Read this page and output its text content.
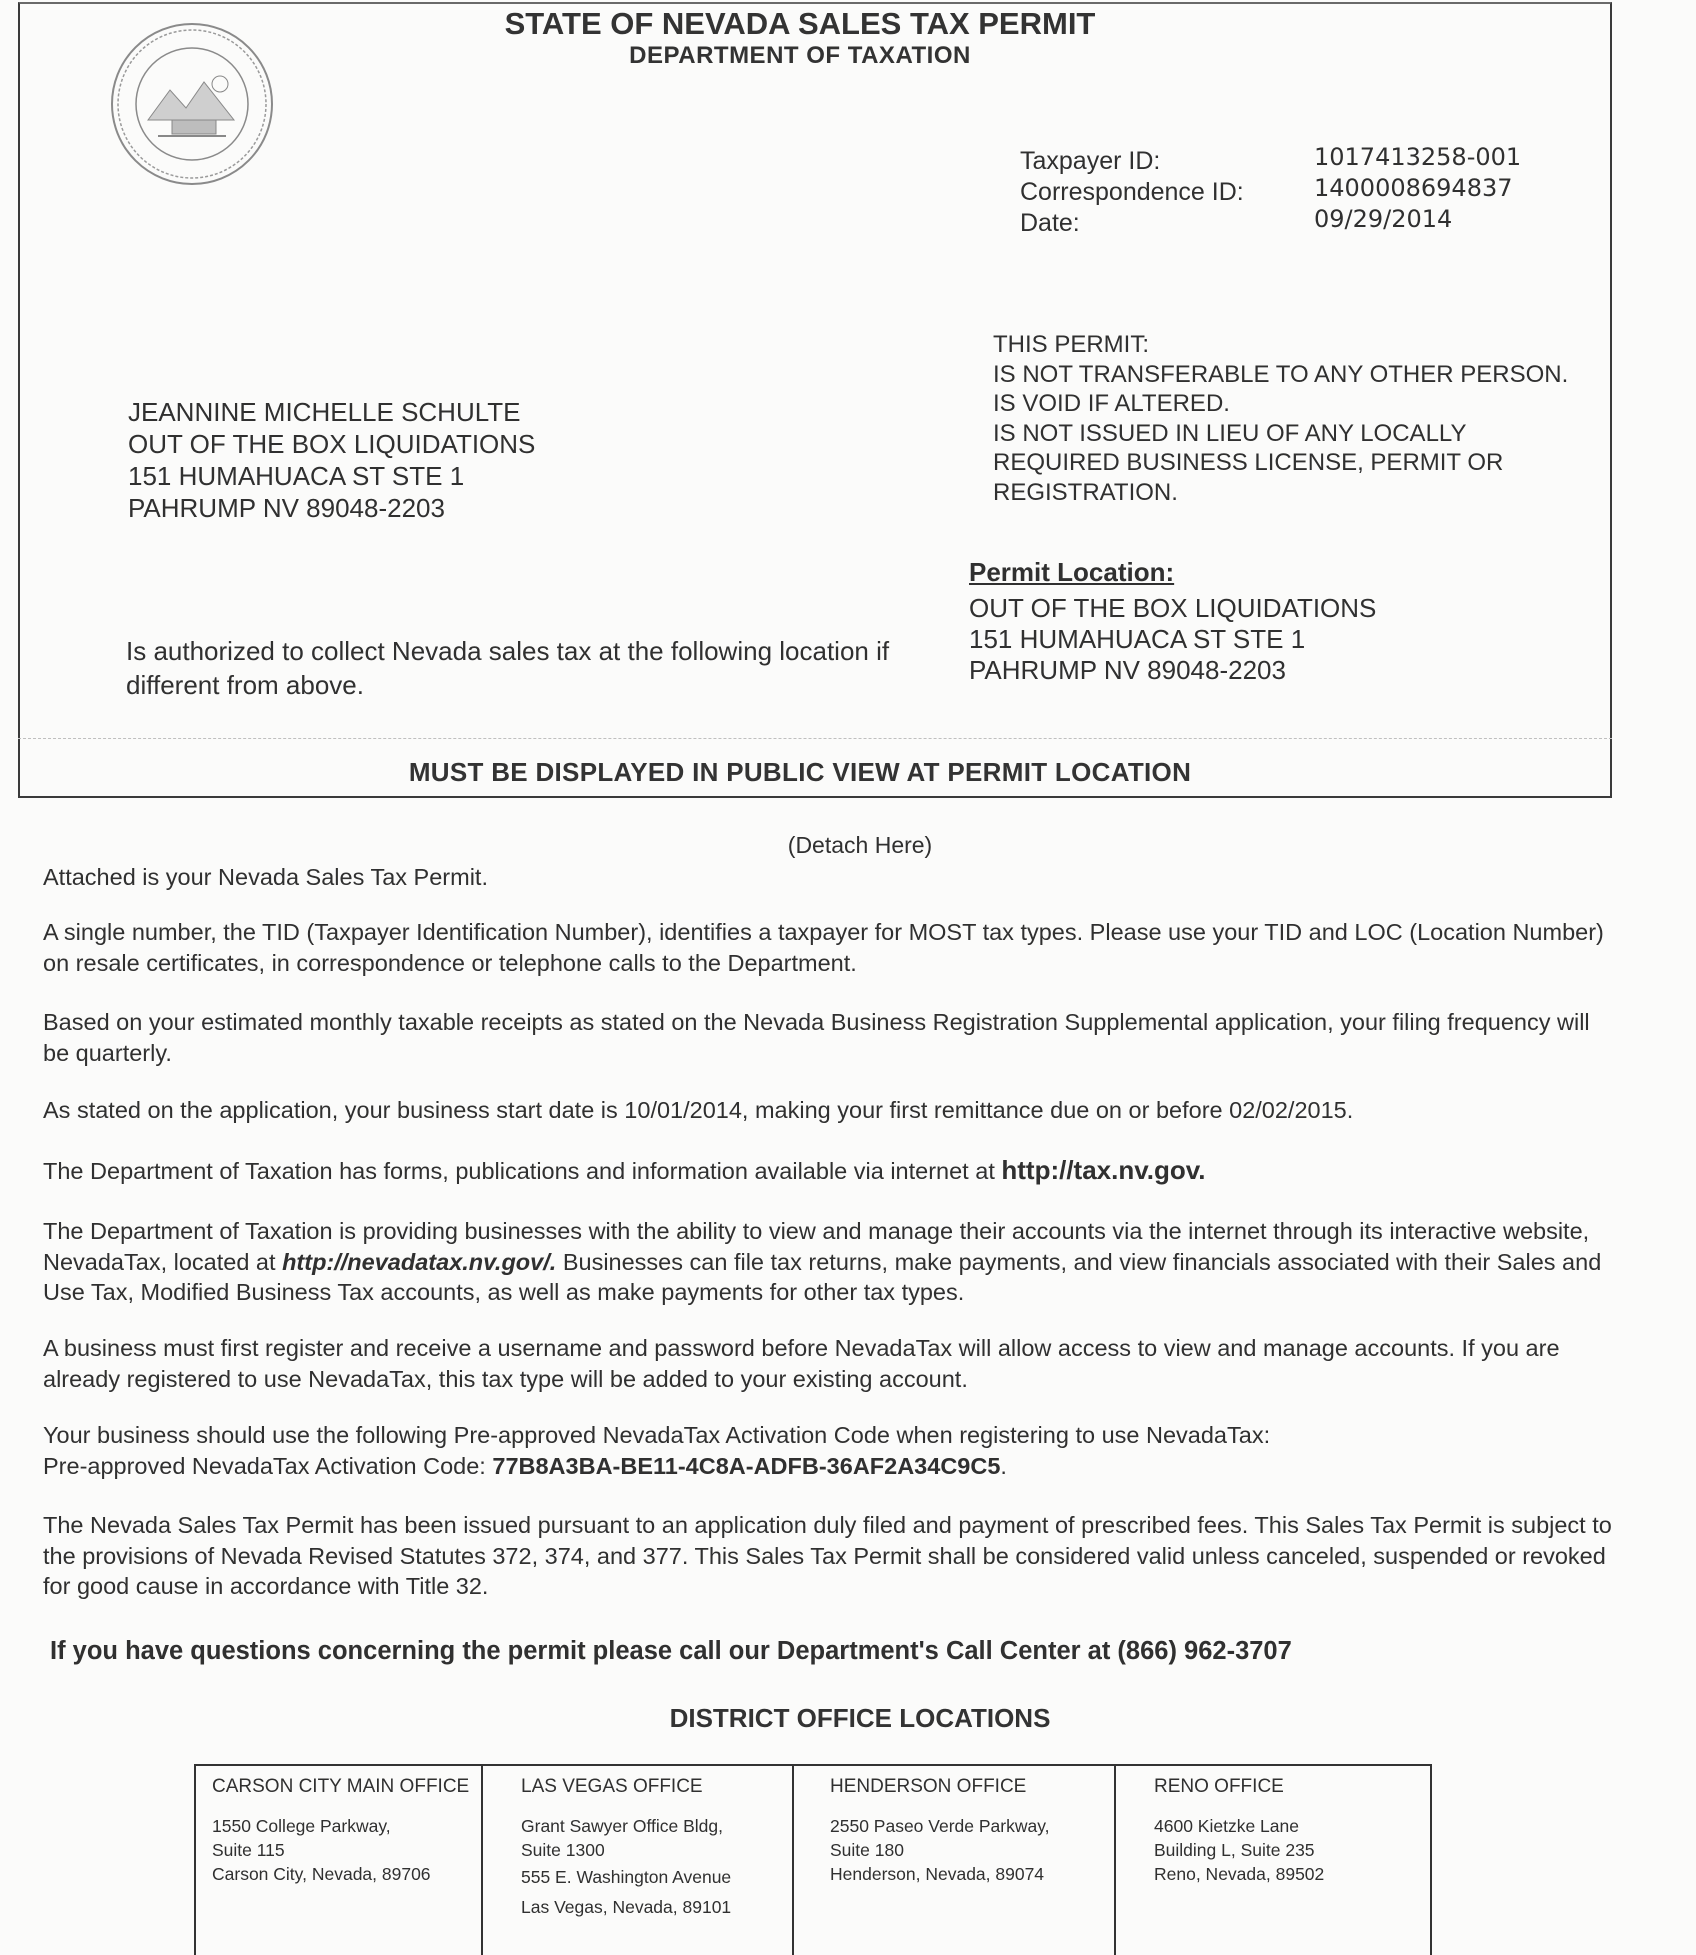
STATE OF NEVADA SALES TAX PERMIT
DEPARTMENT OF TAXATION
Taxpayer ID:
Correspondence ID:
Date:
1017413258-001
1400008694837
09/29/2014
THIS PERMIT:
IS NOT TRANSFERABLE TO ANY OTHER PERSON.
IS VOID IF ALTERED.
IS NOT ISSUED IN LIEU OF ANY LOCALLY
REQUIRED BUSINESS LICENSE, PERMIT OR
REGISTRATION.
JEANNINE MICHELLE SCHULTE
OUT OF THE BOX LIQUIDATIONS
151 HUMAHUACA ST STE 1
PAHRUMP NV 89048-2203
Permit Location:
OUT OF THE BOX LIQUIDATIONS
151 HUMAHUACA ST STE 1
PAHRUMP NV 89048-2203
Is authorized to collect Nevada sales tax at the following location if different from above.
MUST BE DISPLAYED IN PUBLIC VIEW AT PERMIT LOCATION
(Detach Here)
Attached is your Nevada Sales Tax Permit.
A single number, the TID (Taxpayer Identification Number), identifies a taxpayer for MOST tax types. Please use your TID and LOC (Location Number) on resale certificates, in correspondence or telephone calls to the Department.
Based on your estimated monthly taxable receipts as stated on the Nevada Business Registration Supplemental application, your filing frequency will be quarterly.
As stated on the application, your business start date is 10/01/2014, making your first remittance due on or before 02/02/2015.
The Department of Taxation has forms, publications and information available via internet at http://tax.nv.gov.
The Department of Taxation is providing businesses with the ability to view and manage their accounts via the internet through its interactive website, NevadaTax, located at http://nevadatax.nv.gov/. Businesses can file tax returns, make payments, and view financials associated with their Sales and Use Tax, Modified Business Tax accounts, as well as make payments for other tax types.
A business must first register and receive a username and password before NevadaTax will allow access to view and manage accounts. If you are already registered to use NevadaTax, this tax type will be added to your existing account.
Your business should use the following Pre-approved NevadaTax Activation Code when registering to use NevadaTax:
Pre-approved NevadaTax Activation Code: 77B8A3BA-BE11-4C8A-ADFB-36AF2A34C9C5.
The Nevada Sales Tax Permit has been issued pursuant to an application duly filed and payment of prescribed fees. This Sales Tax Permit is subject to the provisions of Nevada Revised Statutes 372, 374, and 377. This Sales Tax Permit shall be considered valid unless canceled, suspended or revoked for good cause in accordance with Title 32.
If you have questions concerning the permit please call our Department's Call Center at (866) 962-3707
DISTRICT OFFICE LOCATIONS
CARSON CITY MAIN OFFICE
1550 College Parkway,
Suite 115
Carson City, Nevada, 89706
LAS VEGAS OFFICE
Grant Sawyer Office Bldg,
Suite 1300
555 E. Washington Avenue
Las Vegas, Nevada, 89101
HENDERSON OFFICE
2550 Paseo Verde Parkway,
Suite 180
Henderson, Nevada, 89074
RENO OFFICE
4600 Kietzke Lane
Building L, Suite 235
Reno, Nevada, 89502
